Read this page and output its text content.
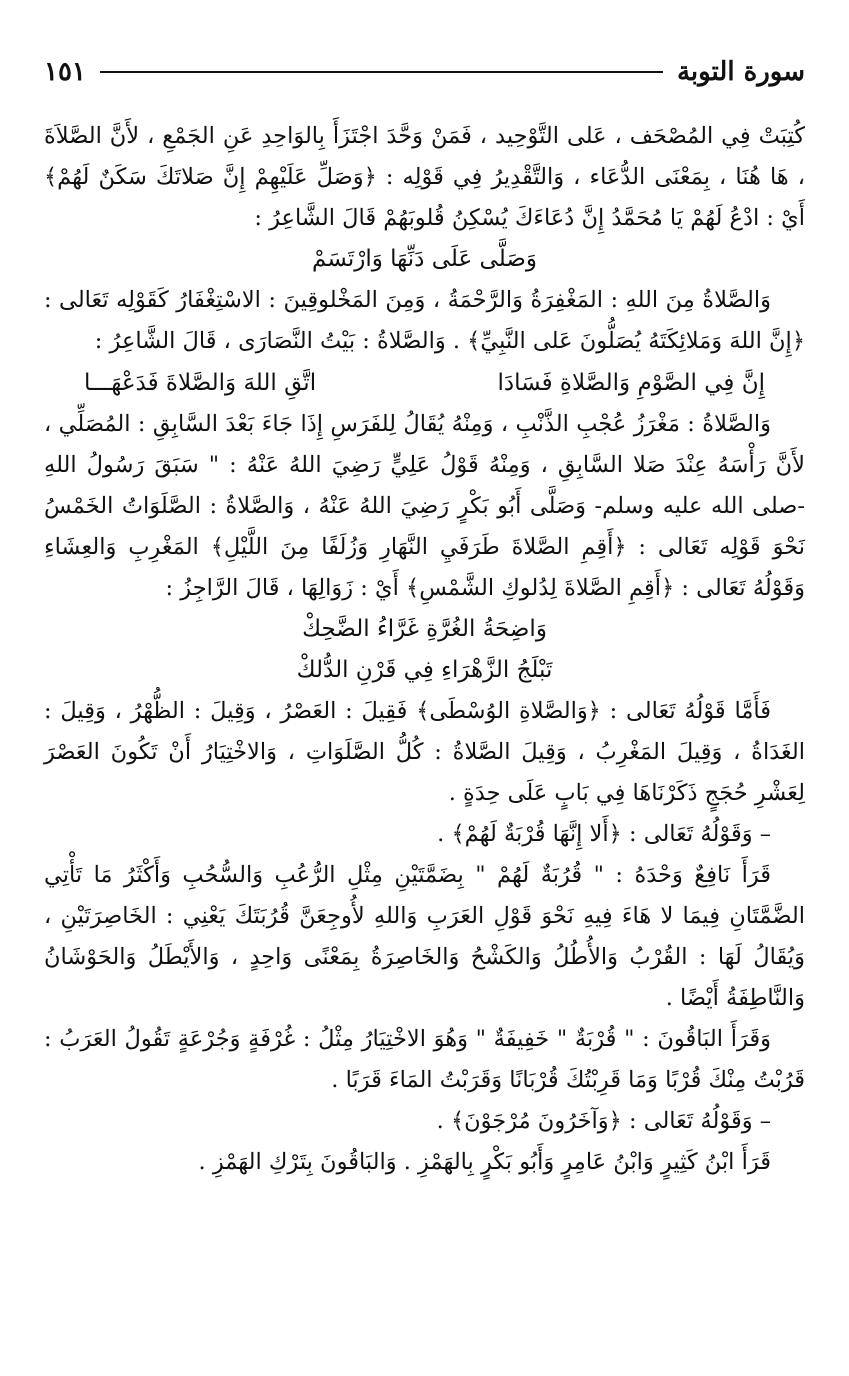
سورة التوبة
١٥١

كُتِبَتْ فِي المُصْحَف ، عَلى التَّوْحِيد ، فَمَنْ وَحَّدَ اجْتَزَأَ بِالوَاحِدِ عَنِ الجَمْعِ ، لأَنَّ الصَّلاَةَ ، هَا هُنَا ، بِمَعْنَى الدُّعَاء ، وَالتَّقْدِيرُ فِي قَوْلِه : ﴿وَصَلِّ عَلَيْهِمْ إِنَّ صَلاتَكَ سَكَنٌ لَهُمْ﴾ أَيْ : ادْعُ لَهُمْ يَا مُحَمَّدُ إِنَّ دُعَاءَكَ يُسْكِنُ قُلوبَهُمْ قَالَ الشَّاعِرُ :

وَصَلَّى عَلَى دَنِّهَا وَارْتَسَمْ

وَالصَّلاةُ مِنَ اللهِ : المَغْفِرَةُ وَالرَّحْمَةُ ، وَمِنَ المَخْلوقِينَ : الاسْتِغْفَارُ كَقَوْلِه تَعَالى : ﴿إِنَّ اللهَ وَمَلائِكَتَهُ يُصَلُّونَ عَلى النَّبِيِّ﴾ . وَالصَّلاةُ : بَيْتُ النَّصَارَى ، قَالَ الشَّاعِرُ :

إِنَّ فِي الصَّوْمِ وَالصَّلاةِ فَسَادَا
اتَّقِ اللهَ وَالصَّلاةَ فَدَعْهَـــا

وَالصَّلاةُ : مَغْرَزُ عُجْبِ الذَّنْبِ ، وَمِنْهُ يُقَالُ لِلفَرَسِ إِذَا جَاءَ بَعْدَ السَّابِقِ : المُصَلِّي ، لأَنَّ رَأْسَهُ عِنْدَ صَلا السَّابِقِ ، وَمِنْهُ قَوْلُ عَلِيٍّ رَضِيَ اللهُ عَنْهُ : " سَبَقَ رَسُولُ اللهِ -صلى الله عليه وسلم- وَصَلَّى أَبُو بَكْرٍ رَضِيَ اللهُ عَنْهُ ، وَالصَّلاةُ : الصَّلَوَاتُ الخَمْسُ نَحْوَ قَوْلِه تَعَالى : ﴿أَقِمِ الصَّلاةَ طَرَفَيِ النَّهَارِ وَزُلَفًا مِنَ اللَّيْلِ﴾ المَغْرِبِ وَالعِشَاءِ وَقَوْلُهُ تَعَالى : ﴿أَقِمِ الصَّلاةَ لِدُلوكِ الشَّمْسِ﴾ أَيْ : زَوَالِهَا ، قَالَ الرَّاجِزُ :

وَاضِحَةُ الغُرَّةِ غَرَّاءُ الضَّحِكْ

تَبْلَجُ الزَّهْرَاءِ فِي قَرْنِ الدُّلكْ

فَأَمَّا قَوْلُهُ تَعَالى : ﴿وَالصَّلاةِ الوُسْطَى﴾ فَقِيلَ : العَصْرُ ، وَقِيلَ : الظُّهْرُ ، وَقِيلَ : الغَدَاةُ ، وَقِيلَ المَغْرِبُ ، وَقِيلَ الصَّلاةُ : كُلُّ الصَّلَوَاتِ ، وَالاخْتِيَارُ أَنْ تَكُونَ العَصْرَ لِعَشْرِ حُجَجٍ ذَكَرْنَاهَا فِي بَابٍ عَلَى حِدَةٍ .

– وَقَوْلُهُ تَعَالى : ﴿أَلا إِنَّهَا قُرْبَةٌ لَهُمْ﴾ .

قَرَأَ نَافِعٌ وَحْدَهُ : " قُرُبَةٌ لَهُمْ " بِضَمَّتَيْنِ مِثْلِ الرُّعُبِ وَالسُّحُبِ وَأَكْثَرُ مَا تَأْتِي الضَّمَّتَانِ فِيمَا لا هَاءَ فِيهِ نَحْوَ قَوْلِ العَرَبِ وَاللهِ لأُوجِعَنَّ قُرُبَتَكَ يَعْنِي : الخَاصِرَتَيْنِ ، وَيُقَالُ لَهَا : القُرْبُ وَالأُطُلُ وَالكَشْحُ وَالخَاصِرَةُ بِمَعْنًى وَاحِدٍ ، وَالأَيْطَلُ وَالحَوْشَانُ وَالنَّاطِفَةُ أَيْضًا .

وَقَرَأَ البَاقُونَ : " قُرْبَةٌ " خَفِيفَةٌ " وَهُوَ الاخْتِيَارُ مِثْلُ : غُرْفَةٍ وَجُرْعَةٍ تَقُولُ العَرَبُ : قَرُبْتُ مِنْكَ قُرْبًا وَمَا قَرِبْتُكَ قُرْبَانًا وَقَرَبْتُ المَاءَ قَرَبًا .

– وَقَوْلُهُ تَعَالى : ﴿وَآخَرُونَ مُرْجَوْنَ﴾ .

قَرَأَ ابْنُ كَثِيرٍ وَابْنُ عَامِرٍ وَأَبُو بَكْرٍ بِالهَمْزِ . وَالبَاقُونَ بِتَرْكِ الهَمْزِ .
